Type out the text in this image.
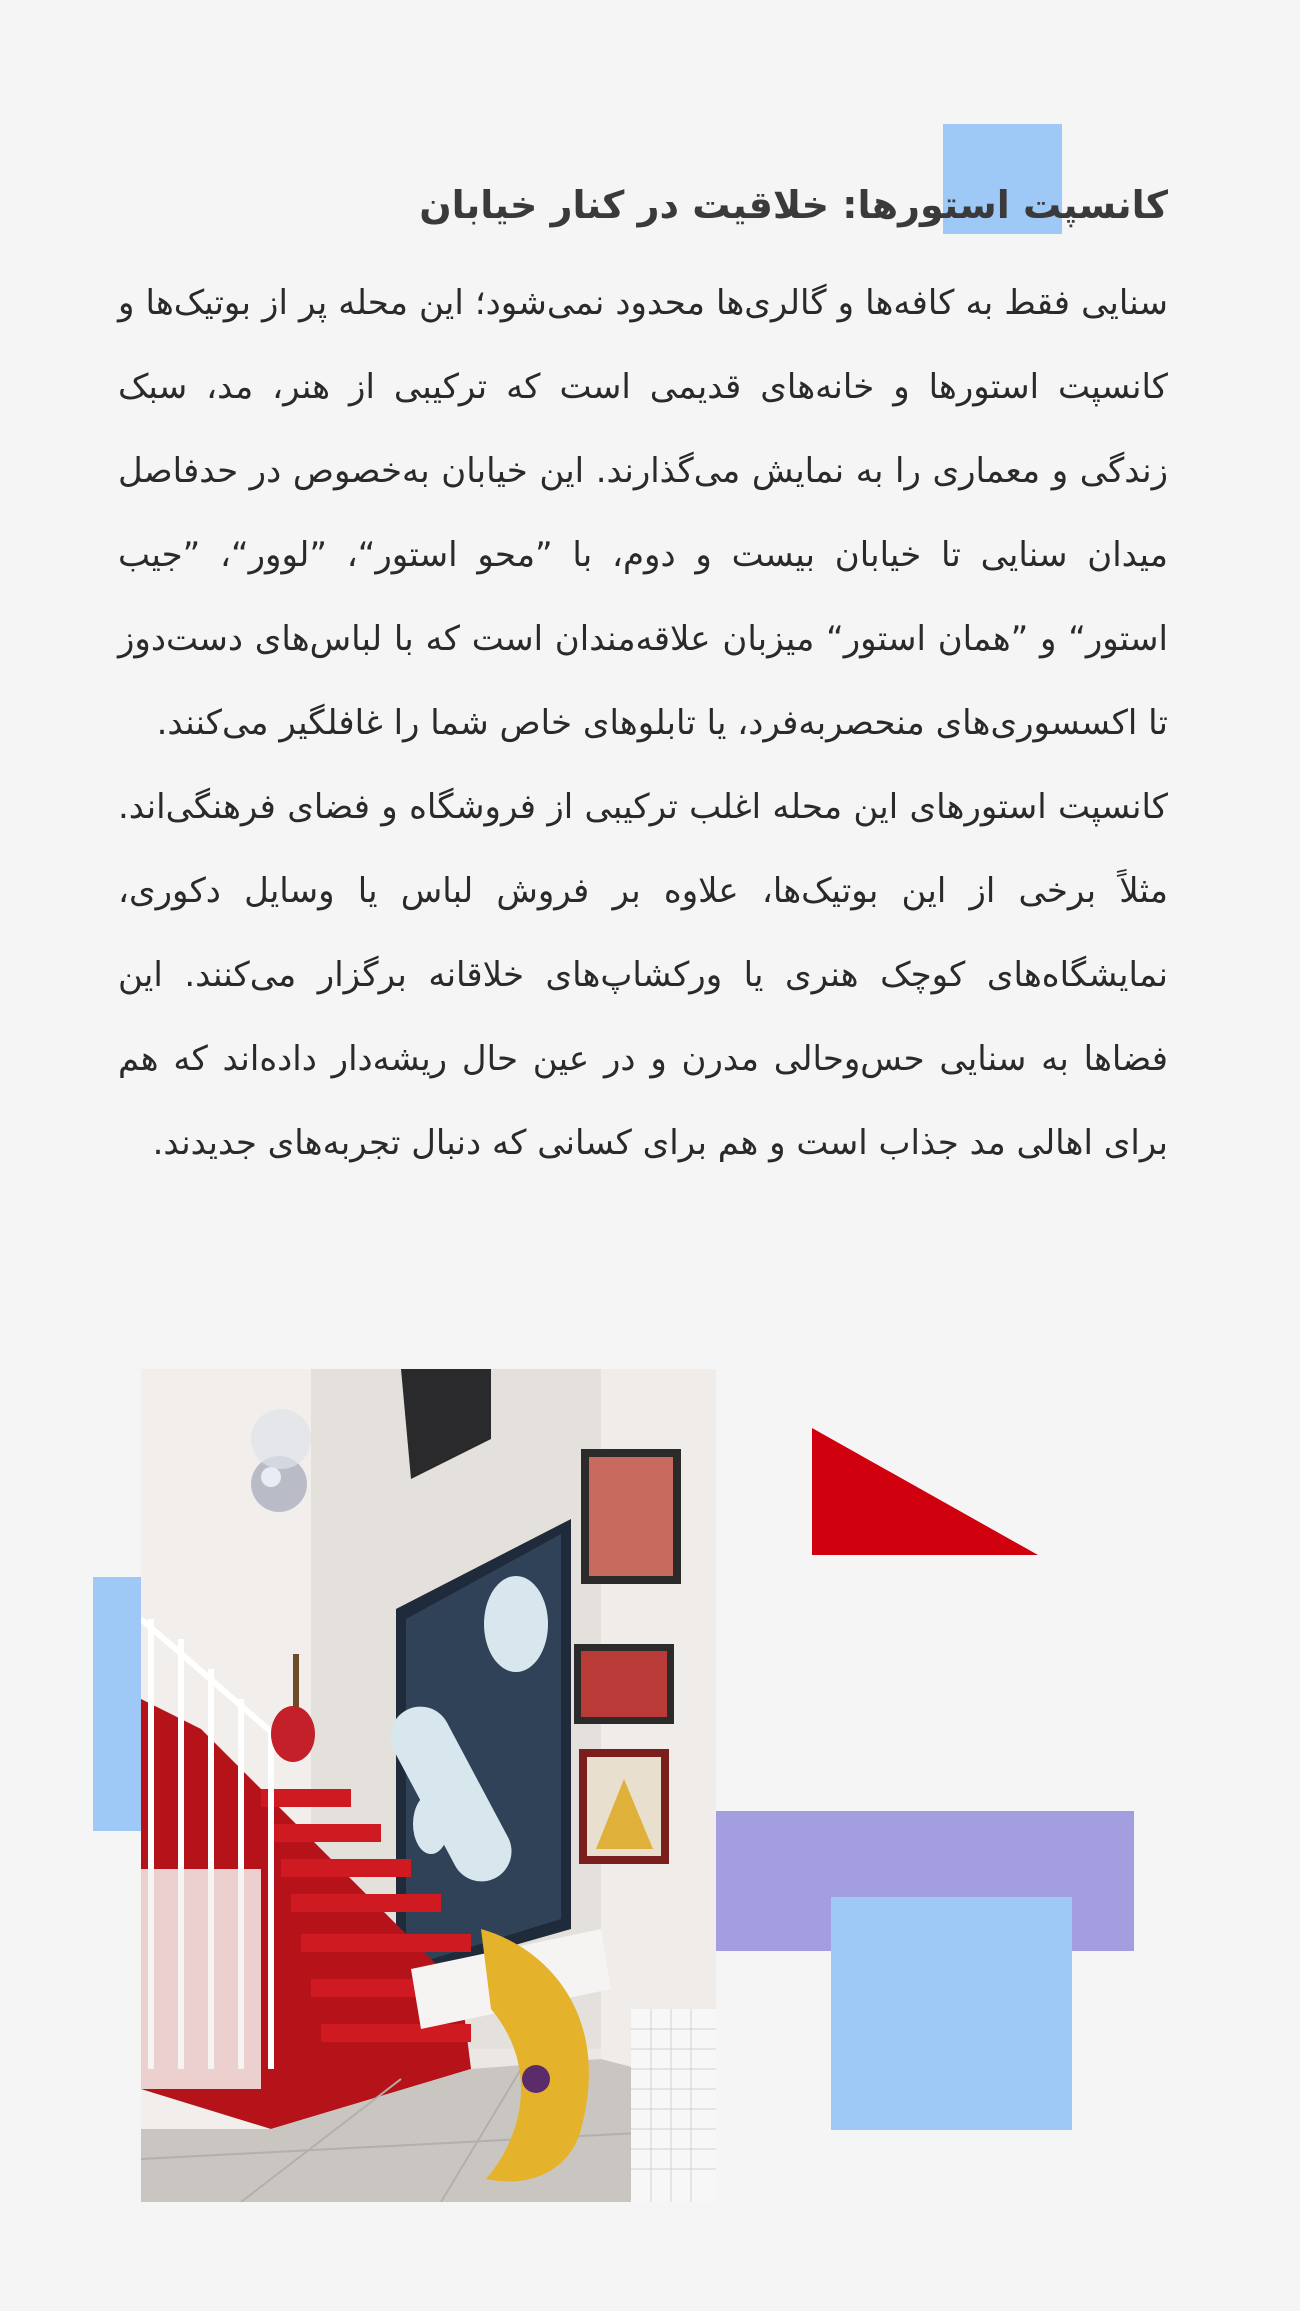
کانسپت استورها: خلاقیت در کنار خیابان

سنایی فقط به کافه‌ها و گالری‌ها محدود نمی‌شود؛ این محله پر از بوتیک‌ها و کانسپت استورها و خانه‌های قدیمی است که ترکیبی از هنر، مد، سبک زندگی و معماری را به نمایش می‌گذارند. این خیابان به‌خصوص در حدفاصل میدان سنایی تا خیابان بیست و دوم، با ”محو استور“، ”لوور“، ”جیب استور“ و ”همان استور“ میزبان علاقه‌مندان است که با لباس‌های دست‌دوز تا اکسسوری‌های منحصربه‌فرد، یا تابلوهای خاص شما را غافلگیر می‌کنند.

کانسپت استورهای این محله اغلب ترکیبی از فروشگاه و فضای فرهنگی‌اند. مثلاً برخی از این بوتیک‌ها، علاوه بر فروش لباس یا وسایل دکوری، نمایشگاه‌های کوچک هنری یا ورکشاپ‌های خلاقانه برگزار می‌کنند. این فضاها به سنایی حس‌وحالی مدرن و در عین حال ریشه‌دار داده‌اند که هم برای اهالی مد جذاب است و هم برای کسانی که دنبال تجربه‌های جدیدند.
